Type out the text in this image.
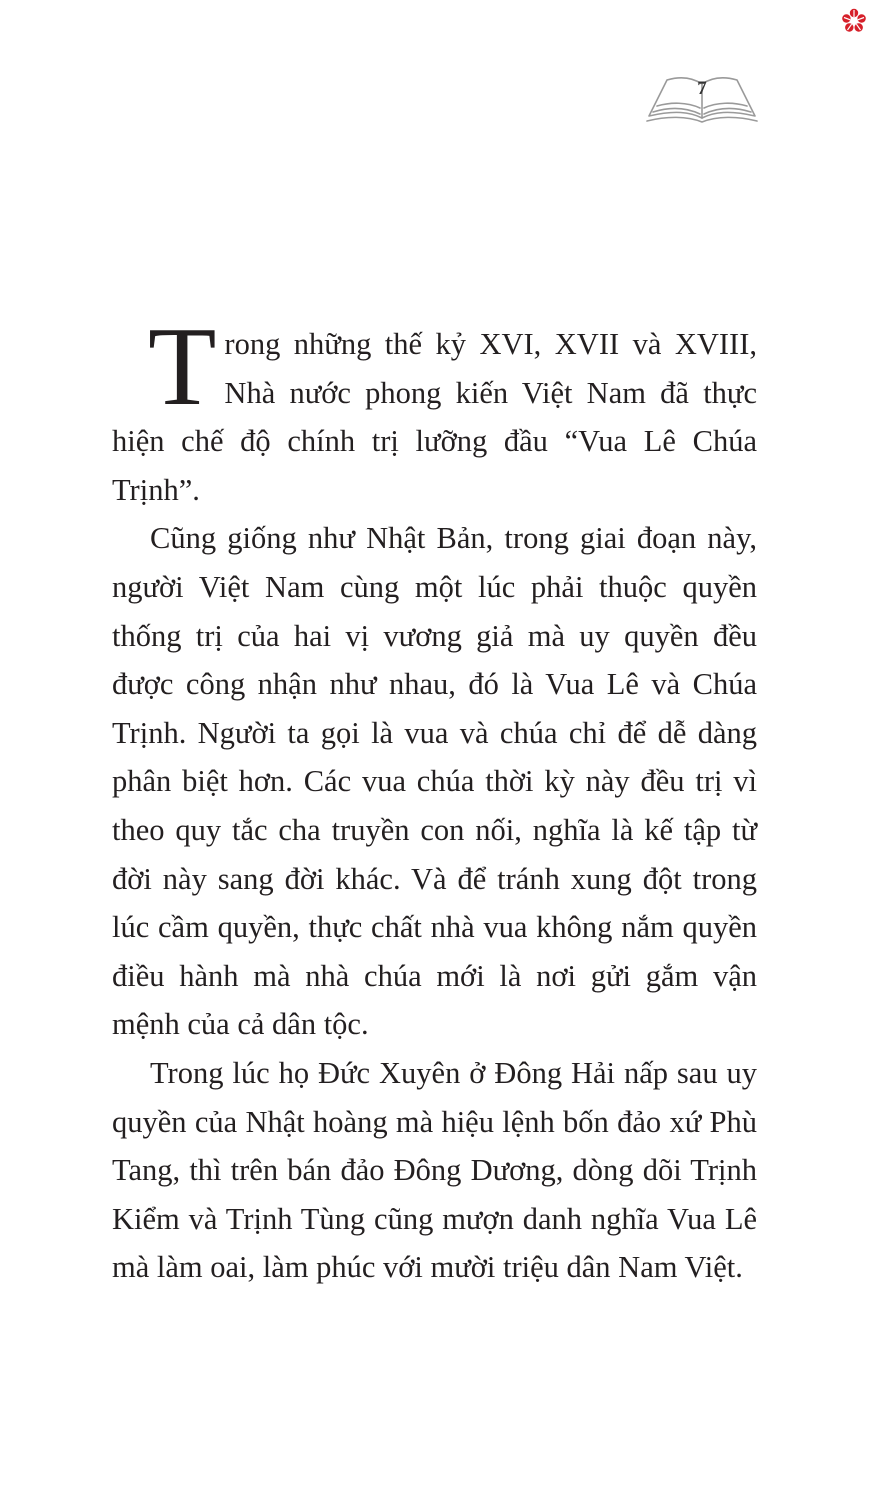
7

Trong những thế kỷ XVI, XVII và XVIII, Nhà nước phong kiến Việt Nam đã thực hiện chế độ chính trị lưỡng đầu “Vua Lê Chúa Trịnh”.

Cũng giống như Nhật Bản, trong giai đoạn này, người Việt Nam cùng một lúc phải thuộc quyền thống trị của hai vị vương giả mà uy quyền đều được công nhận như nhau, đó là Vua Lê và Chúa Trịnh. Người ta gọi là vua và chúa chỉ để dễ dàng phân biệt hơn. Các vua chúa thời kỳ này đều trị vì theo quy tắc cha truyền con nối, nghĩa là kế tập từ đời này sang đời khác. Và để tránh xung đột trong lúc cầm quyền, thực chất nhà vua không nắm quyền điều hành mà nhà chúa mới là nơi gửi gắm vận mệnh của cả dân tộc.

Trong lúc họ Đức Xuyên ở Đông Hải nấp sau uy quyền của Nhật hoàng mà hiệu lệnh bốn đảo xứ Phù Tang, thì trên bán đảo Đông Dương, dòng dõi Trịnh Kiểm và Trịnh Tùng cũng mượn danh nghĩa Vua Lê mà làm oai, làm phúc với mười triệu dân Nam Việt.
